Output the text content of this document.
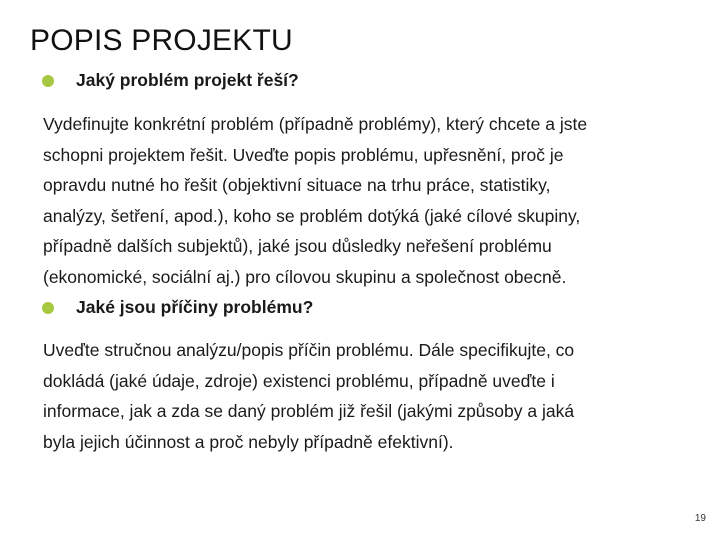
POPIS PROJEKTU
Jaký problém projekt řeší?
Vydefinujte konkrétní problém (případně problémy), který chcete a jste
schopni projektem řešit. Uveďte popis problému, upřesnění, proč je
opravdu nutné ho řešit (objektivní situace na trhu práce, statistiky,
analýzy, šetření, apod.), koho se problém dotýká (jaké cílové skupiny,
případně dalších subjektů), jaké jsou důsledky neřešení problému
(ekonomické, sociální aj.) pro cílovou skupinu a společnost obecně.
Jaké jsou příčiny problému?
Uveďte stručnou analýzu/popis příčin problému. Dále specifikujte, co
dokládá (jaké údaje, zdroje) existenci problému, případně uveďte i
informace, jak a zda se daný problém již řešil (jakými způsoby a jaká
byla jejich účinnost a proč nebyly případně efektivní).
19
